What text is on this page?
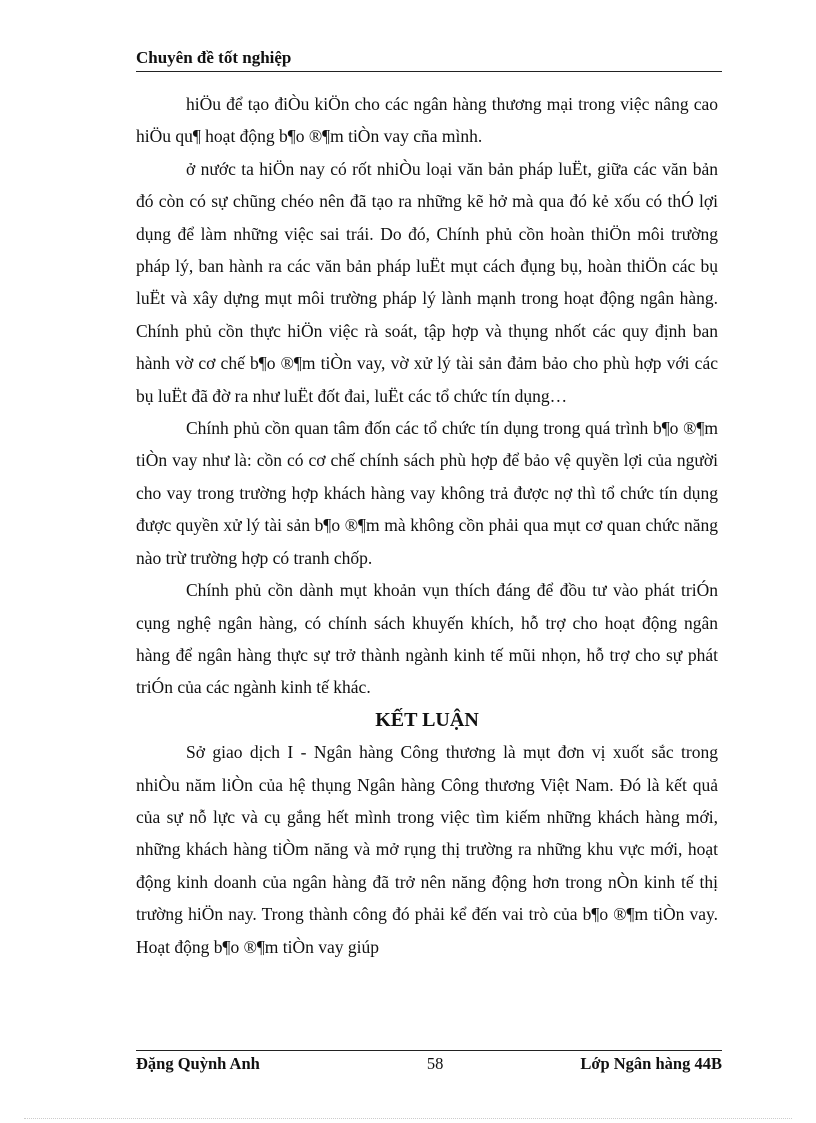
Chuyên đề tốt nghiệp

hiÖu để tạo điÒu kiÖn cho các ngân hàng thương mại trong việc nâng cao hiÖu qu¶ hoạt động b¶o ®¶m tiÒn vay cña mình.

ở nước ta hiÖn nay có rốt nhiÒu loại văn bản pháp luËt, giữa các văn bản đó còn có sự chũng chéo nên đã tạo ra những kẽ hở mà qua đó kẻ xốu có thÓ lợi dụng để làm những việc sai trái. Do đó, Chính phủ cồn hoàn thiÖn môi trường pháp lý, ban hành ra các văn bản pháp luËt mụt cách đụng bụ, hoàn thiÖn các bụ luËt và xây dựng mụt môi trường pháp lý lành mạnh trong hoạt động ngân hàng. Chính phủ cồn thực hiÖn việc rà soát, tập hợp và thụng nhốt các quy định ban hành vờ cơ chế b¶o ®¶m tiÒn vay, vờ xử lý tài sản đảm bảo cho phù hợp với các bụ luËt đã đờ ra như luËt đốt đai, luËt các tổ chức tín dụng…

Chính phủ cồn quan tâm đốn các tổ chức tín dụng trong quá trình b¶o ®¶m tiÒn vay như là: cồn có cơ chế chính sách phù hợp để bảo vệ quyền lợi của người cho vay trong trường hợp khách hàng vay không trả được nợ thì tổ chức tín dụng được quyền xử lý tài sản b¶o ®¶m mà không cồn phải qua mụt cơ quan chức năng nào trừ trường hợp có tranh chốp.

Chính phủ cồn dành mụt khoản vụn thích đáng để đồu tư vào phát triÓn cụng nghệ ngân hàng, có chính sách khuyến khích, hỗ trợ cho hoạt động ngân hàng để ngân hàng thực sự trở thành ngành kinh tế mũi nhọn, hỗ trợ cho sự phát triÓn của các ngành kinh tế khác.

KẾT LUẬN

Sở giao dịch I - Ngân hàng Công thương là mụt đơn vị xuốt sắc trong nhiÒu năm liÒn của hệ thụng Ngân hàng Công thương Việt Nam. Đó là kết quả của sự nỗ lực và cụ gắng hết mình trong việc tìm kiếm những khách hàng mới, những khách hàng tiÒm năng và mở rụng thị trường ra những khu vực mới, hoạt động kinh doanh của ngân hàng đã trở nên năng động hơn trong nÒn kinh tế thị trường hiÖn nay. Trong thành công đó phải kể đến vai trò của b¶o ®¶m tiÒn vay. Hoạt động b¶o ®¶m tiÒn vay giúp

Đặng Quỳnh Anh	58	Lớp Ngân hàng 44B
